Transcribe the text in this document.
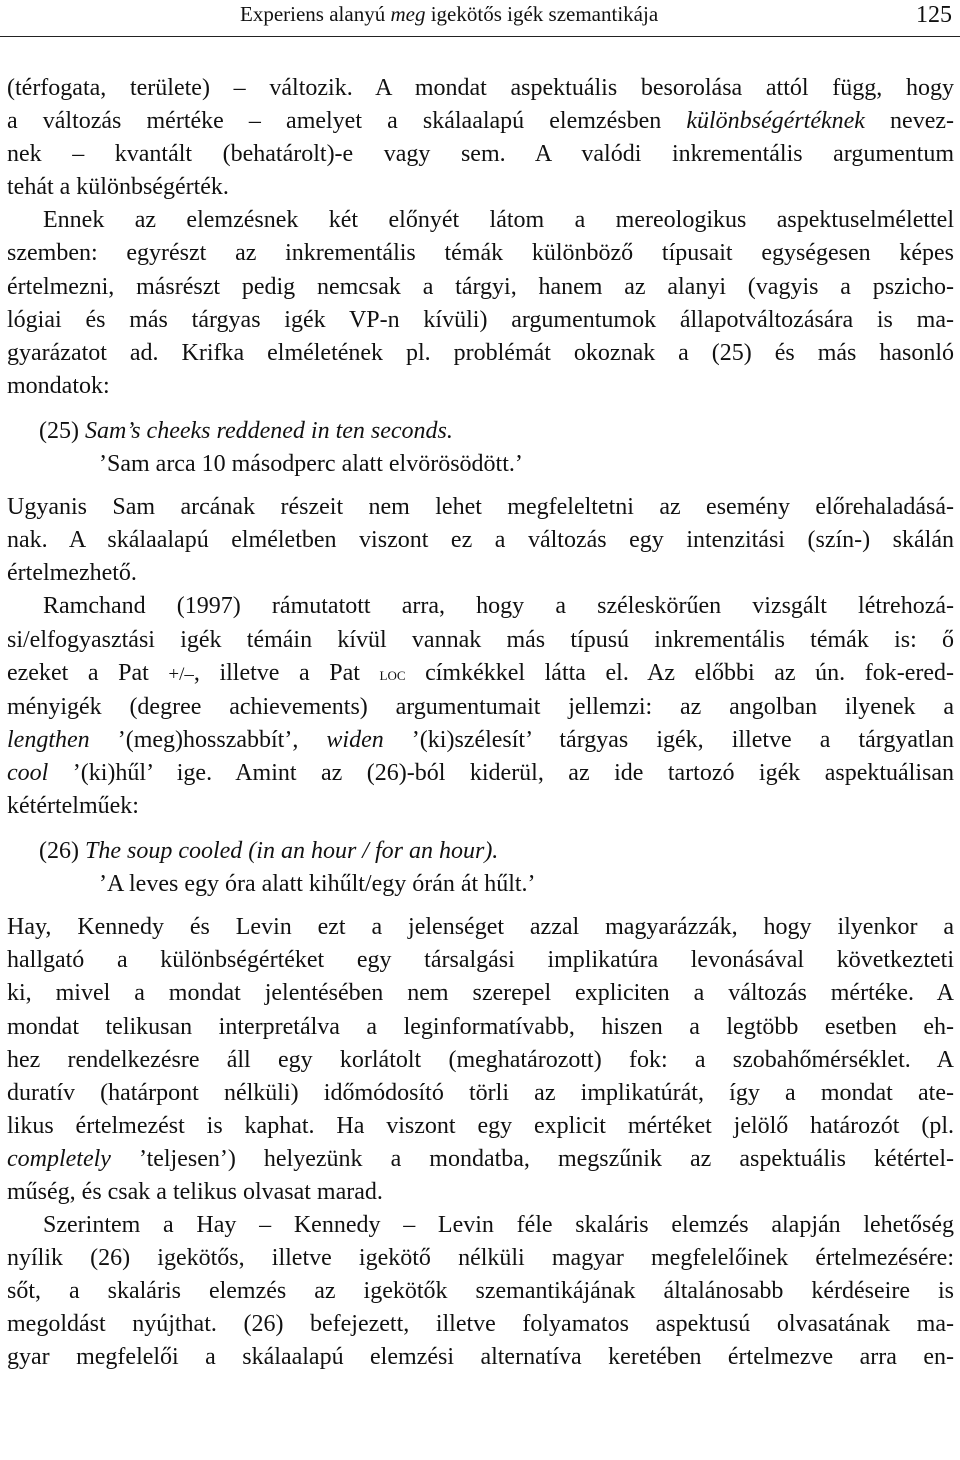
Experiens alanyú meg igekötős igék szemantikája	125

(térfogata, területe) – változik. A mondat aspektuális besorolása attól függ, hogy

a változás mértéke – amelyet a skálaalapú elemzésben különbségértéknek nevez-

nek – kvantált (behatárolt)-e vagy sem. A valódi inkrementális argumentum

tehát a különbségérték.

Ennek az elemzésnek két előnyét látom a mereologikus aspektuselmélettel

szemben: egyrészt az inkrementális témák különböző típusait egységesen képes

értelmezni, másrészt pedig nemcsak a tárgyi, hanem az alanyi (vagyis a pszicho-

lógiai és más tárgyas igék VP-n kívüli) argumentumok állapotváltozására is ma-

gyarázatot ad. Krifka elméletének pl. problémát okoznak a (25) és más hasonló

mondatok:

(25) Sam’s cheeks reddened in ten seconds.

’Sam arca 10 másodperc alatt elvörösödött.’

Ugyanis Sam arcának részeit nem lehet megfeleltetni az esemény előrehaladásá-

nak. A skálaalapú elméletben viszont ez a változás egy intenzitási (szín-) skálán

értelmezhető.

Ramchand (1997) rámutatott arra, hogy a széleskörűen vizsgált létrehozá-

si/elfogyasztási igék témáin kívül vannak más típusú inkrementális témák is: ő

ezeket a Pat +/–, illetve a Pat loc címkékkel látta el. Az előbbi az ún. fok-ered-

ményigék (degree achievements) argumentumait jellemzi: az angolban ilyenek a

lengthen ’(meg)hosszabbít’, widen ’(ki)szélesít’ tárgyas igék, illetve a tárgyatlan

cool ’(ki)hűl’ ige. Amint az (26)-ból kiderül, az ide tartozó igék aspektuálisan

kétértelműek:

(26) The soup cooled (in an hour / for an hour).

’A leves egy óra alatt kihűlt/egy órán át hűlt.’

Hay, Kennedy és Levin ezt a jelenséget azzal magyarázzák, hogy ilyenkor a

hallgató a különbségértéket egy társalgási implikatúra levonásával következteti

ki, mivel a mondat jelentésében nem szerepel expliciten a változás mértéke. A

mondat telikusan interpretálva a leginformatívabb, hiszen a legtöbb esetben eh-

hez rendelkezésre áll egy korlátolt (meghatározott) fok: a szobahőmérséklet. A

duratív (határpont nélküli) időmódosító törli az implikatúrát, így a mondat ate-

likus értelmezést is kaphat. Ha viszont egy explicit mértéket jelölő határozót (pl.

completely ’teljesen’) helyezünk a mondatba, megszűnik az aspektuális kétértel-

műség, és csak a telikus olvasat marad.

Szerintem a Hay – Kennedy – Levin féle skaláris elemzés alapján lehetőség

nyílik (26) igekötős, illetve igekötő nélküli magyar megfelelőinek értelmezésére:

sőt, a skaláris elemzés az igekötők szemantikájának általánosabb kérdéseire is

megoldást nyújthat. (26) befejezett, illetve folyamatos aspektusú olvasatának ma-

gyar megfelelői a skálaalapú elemzési alternatíva keretében értelmezve arra en-
